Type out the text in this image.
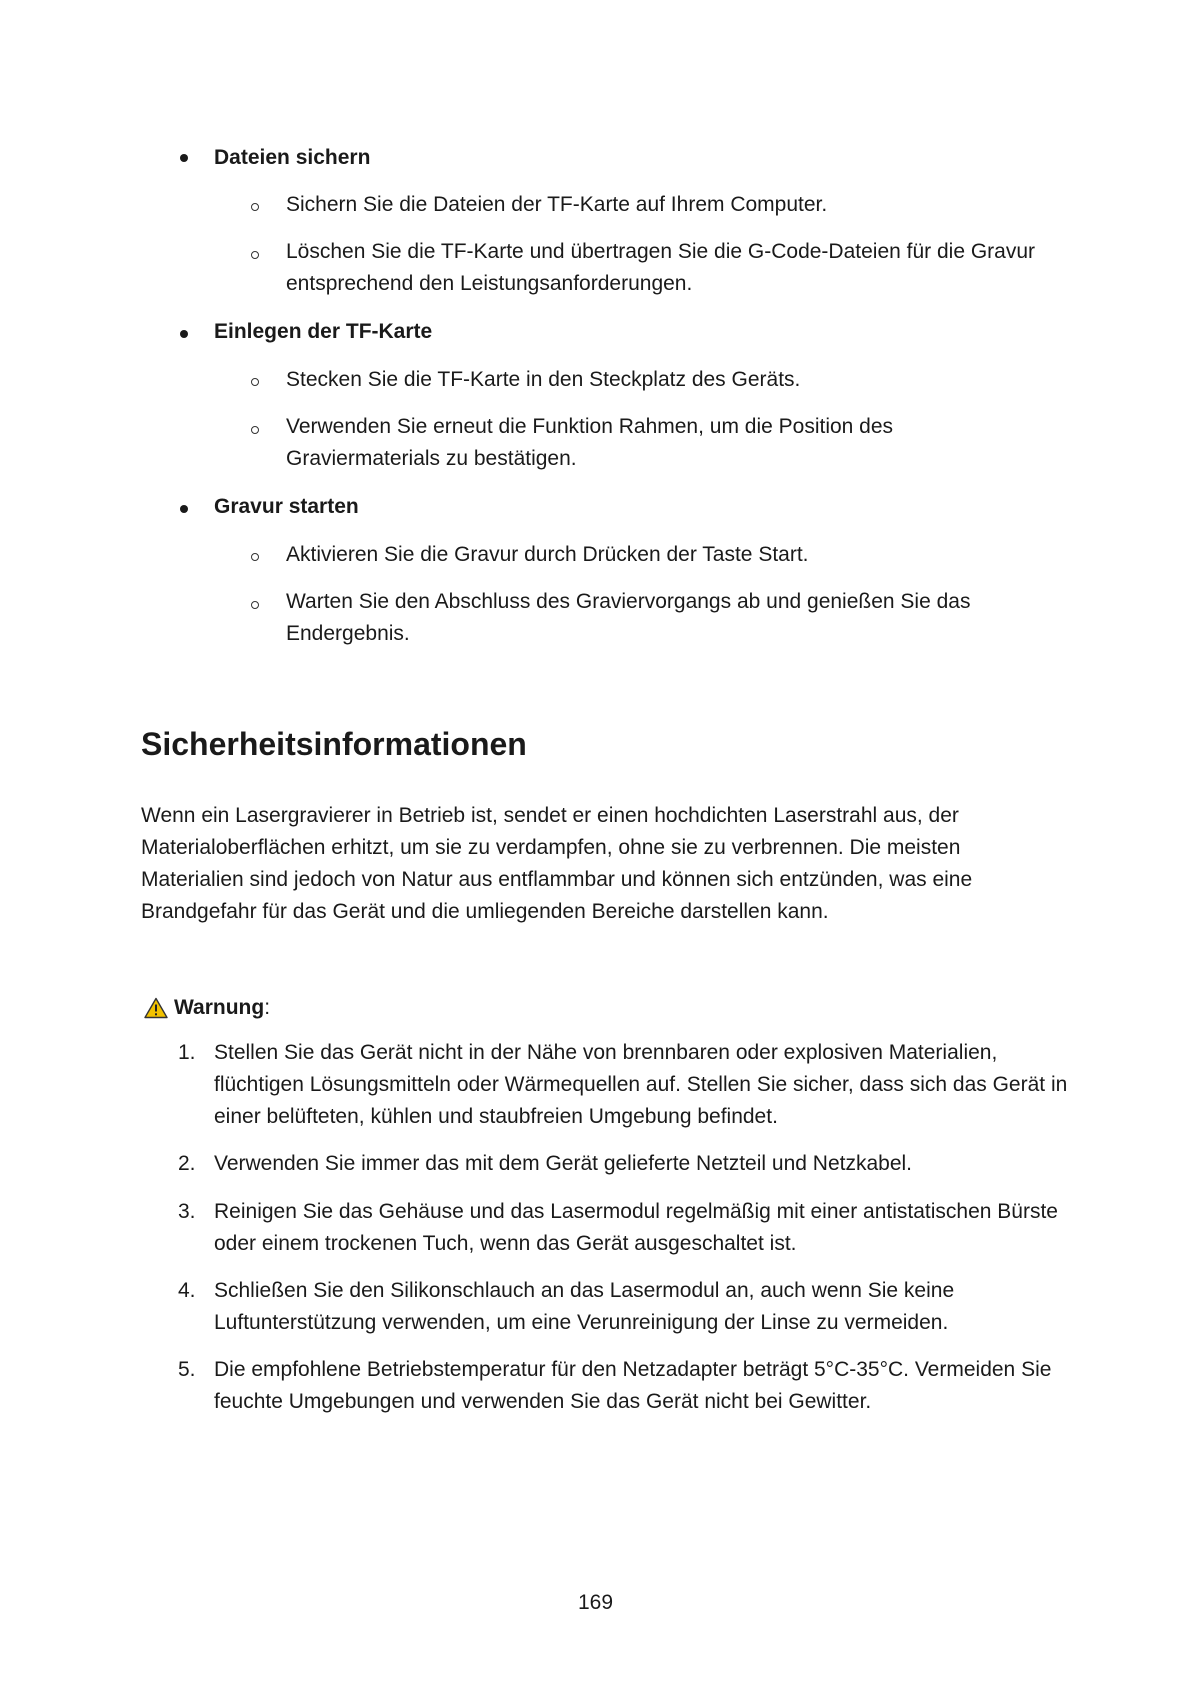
Dateien sichern
Sichern Sie die Dateien der TF-Karte auf Ihrem Computer.
Löschen Sie die TF-Karte und übertragen Sie die G-Code-Dateien für die Gravur entsprechend den Leistungsanforderungen.
Einlegen der TF-Karte
Stecken Sie die TF-Karte in den Steckplatz des Geräts.
Verwenden Sie erneut die Funktion Rahmen, um die Position des Graviermaterials zu bestätigen.
Gravur starten
Aktivieren Sie die Gravur durch Drücken der Taste Start.
Warten Sie den Abschluss des Graviervorgangs ab und genießen Sie das Endergebnis.
Sicherheitsinformationen
Wenn ein Lasergravierer in Betrieb ist, sendet er einen hochdichten Laserstrahl aus, der Materialoberflächen erhitzt, um sie zu verdampfen, ohne sie zu verbrennen. Die meisten Materialien sind jedoch von Natur aus entflammbar und können sich entzünden, was eine Brandgefahr für das Gerät und die umliegenden Bereiche darstellen kann.
Warnung :
1. Stellen Sie das Gerät nicht in der Nähe von brennbaren oder explosiven Materialien, flüchtigen Lösungsmitteln oder Wärmequellen auf. Stellen Sie sicher, dass sich das Gerät in einer belüfteten, kühlen und staubfreien Umgebung befindet.
2. Verwenden Sie immer das mit dem Gerät gelieferte Netzteil und Netzkabel.
3. Reinigen Sie das Gehäuse und das Lasermodul regelmäßig mit einer antistatischen Bürste oder einem trockenen Tuch, wenn das Gerät ausgeschaltet ist.
4. Schließen Sie den Silikonschlauch an das Lasermodul an, auch wenn Sie keine Luftunterstützung verwenden, um eine Verunreinigung der Linse zu vermeiden.
5. Die empfohlene Betriebstemperatur für den Netzadapter beträgt 5°C-35°C. Vermeiden Sie feuchte Umgebungen und verwenden Sie das Gerät nicht bei Gewitter.
169
